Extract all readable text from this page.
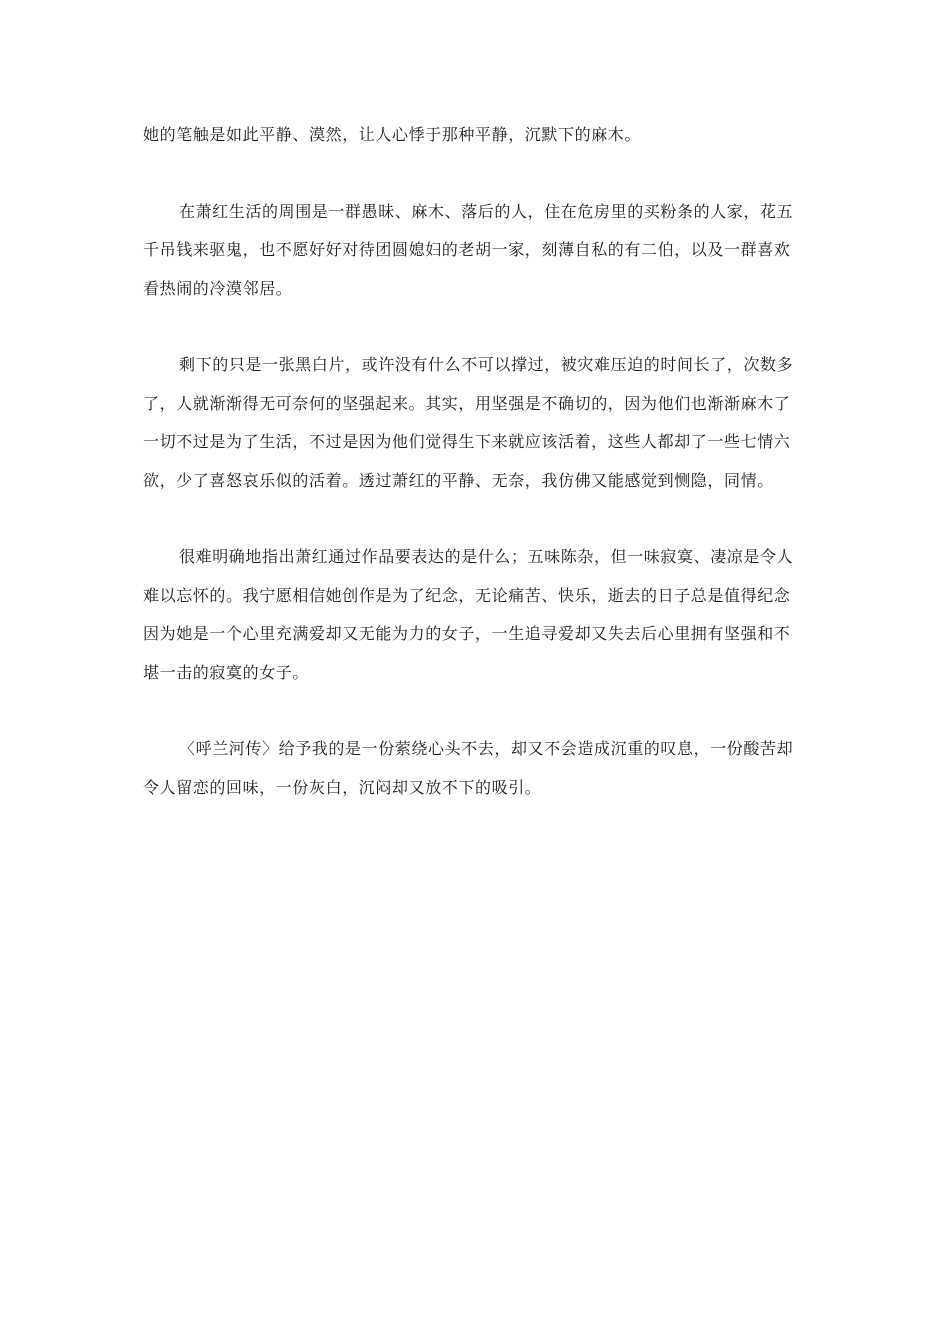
她的笔触是如此平静、漠然，让人心悸于那种平静，沉默下的麻木。
在萧红生活的周围是一群愚昧、麻木、落后的人，住在危房里的买粉条的人家，花五
千吊钱来驱鬼，也不愿好好对待团圆媳妇的老胡一家，刻薄自私的有二伯，以及一群喜欢
看热闹的冷漠邻居。
剩下的只是一张黑白片，或许没有什么不可以撑过，被灾难压迫的时间长了，次数多
了，人就渐渐得无可奈何的坚强起来。其实，用坚强是不确切的，因为他们也渐渐麻木了
一切不过是为了生活，不过是因为他们觉得生下来就应该活着，这些人都却了一些七情六
欲，少了喜怒哀乐似的活着。透过萧红的平静、无奈，我仿佛又能感觉到恻隐，同情。
很难明确地指出萧红通过作品要表达的是什么；五味陈杂，但一味寂寞、凄凉是令人
难以忘怀的。我宁愿相信她创作是为了纪念，无论痛苦、快乐，逝去的日子总是值得纪念
因为她是一个心里充满爱却又无能为力的女子，一生追寻爱却又失去后心里拥有坚强和不
堪一击的寂寞的女子。
〈呼兰河传〉给予我的是一份萦绕心头不去，却又不会造成沉重的叹息，一份酸苦却
令人留恋的回味，一份灰白，沉闷却又放不下的吸引。
